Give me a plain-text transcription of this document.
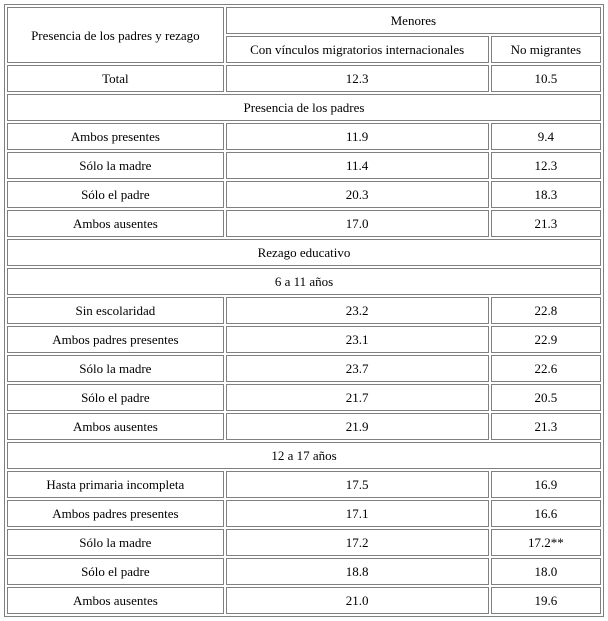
Presencia de los padres y rezago	Menores	
	Con vínculos migratorios internacionales	No migrantes
Total	12.3	10.5
Presencia de los padres		
Ambos presentes	11.9	9.4
Sólo la madre	11.4	12.3
Sólo el padre	20.3	18.3
Ambos ausentes	17.0	21.3
Rezago educativo		
6 a 11 años		
Sin escolaridad	23.2	22.8
Ambos padres presentes	23.1	22.9
Sólo la madre	23.7	22.6
Sólo el padre	21.7	20.5
Ambos ausentes	21.9	21.3
12 a 17 años		
Hasta primaria incompleta	17.5	16.9
Ambos padres presentes	17.1	16.6
Sólo la madre	17.2	17.2**
Sólo el padre	18.8	18.0
Ambos ausentes	21.0	19.6
